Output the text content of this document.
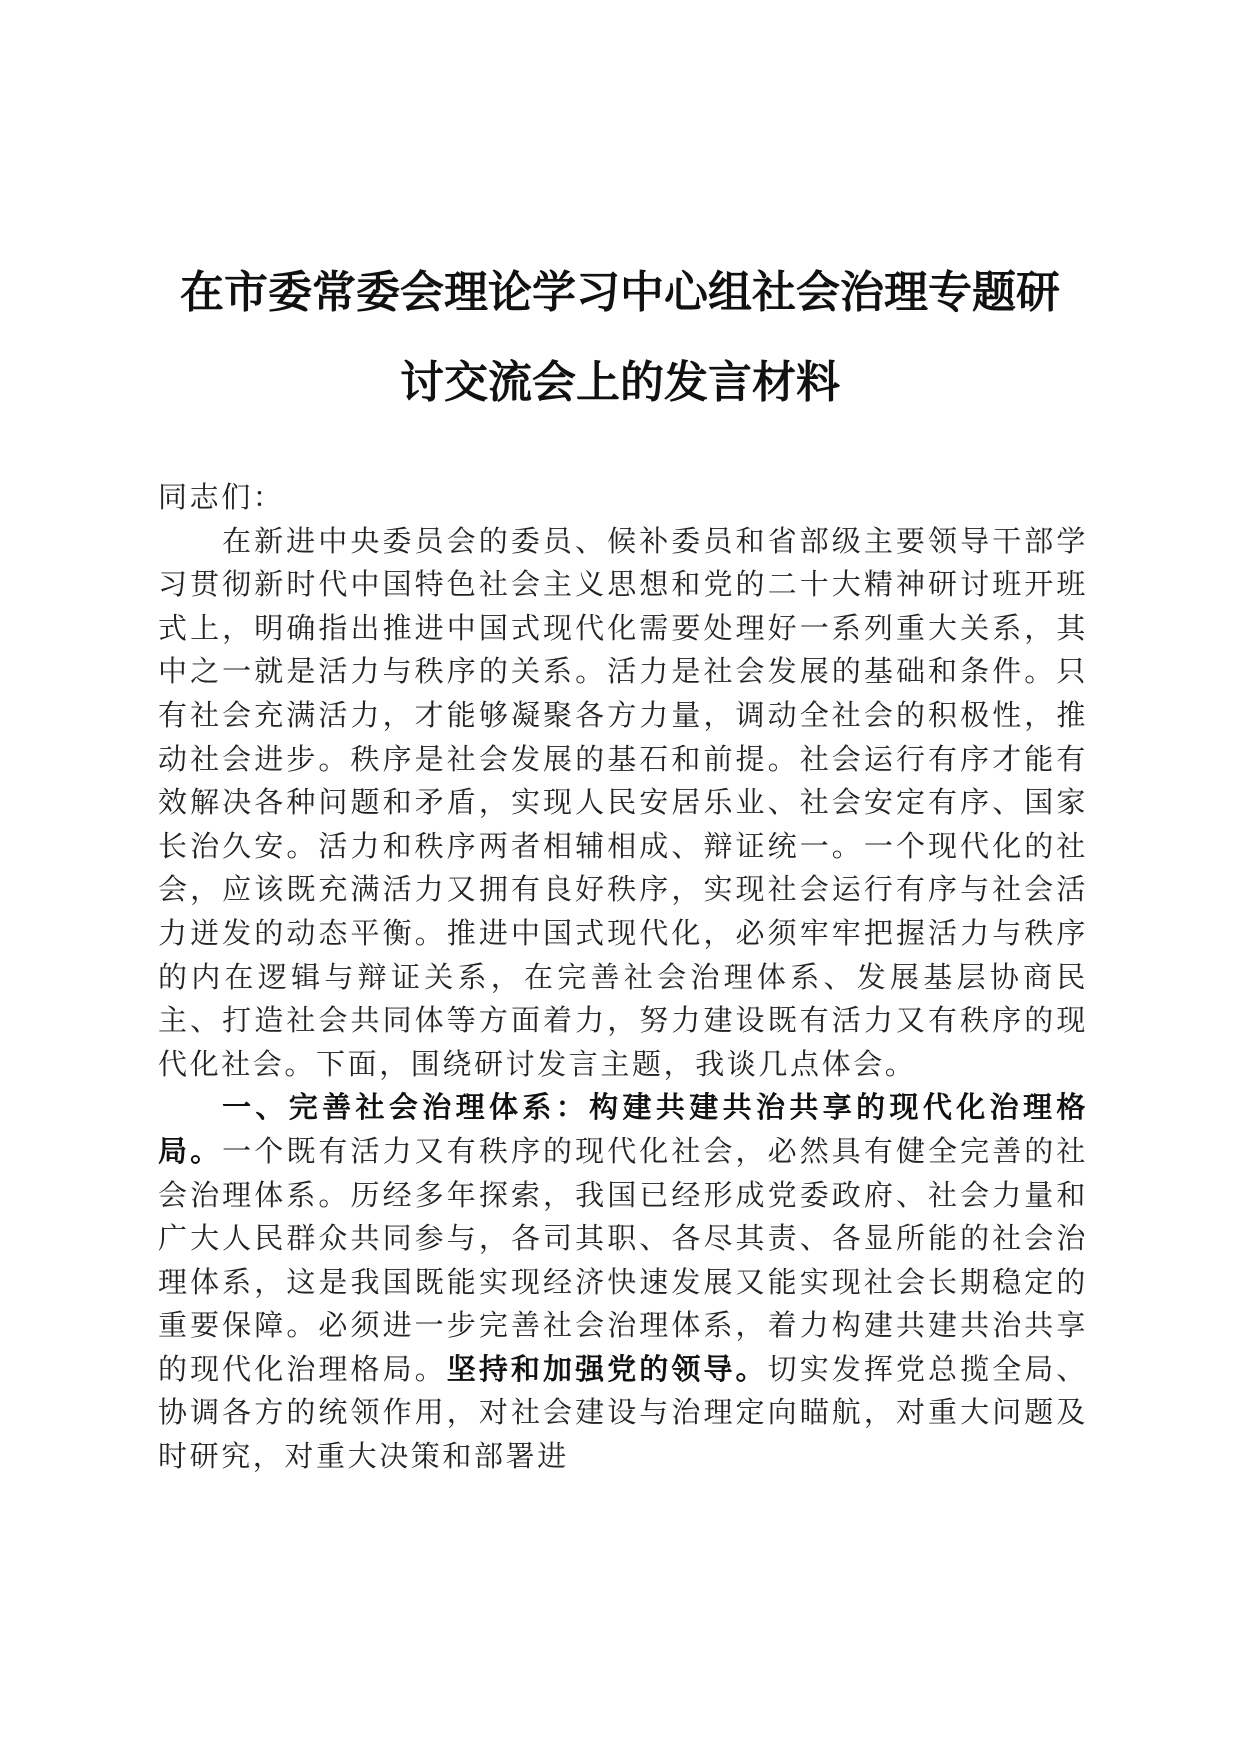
在市委常委会理论学习中心组社会治理专题研
讨交流会上的发言材料

同志们：

在新进中央委员会的委员、候补委员和省部级主要领导干部学习贯彻新时代中国特色社会主义思想和党的二十大精神研讨班开班式上，明确指出推进中国式现代化需要处理好一系列重大关系，其中之一就是活力与秩序的关系。活力是社会发展的基础和条件。只有社会充满活力，才能够凝聚各方力量，调动全社会的积极性，推动社会进步。秩序是社会发展的基石和前提。社会运行有序才能有效解决各种问题和矛盾，实现人民安居乐业、社会安定有序、国家长治久安。活力和秩序两者相辅相成、辩证统一。一个现代化的社会，应该既充满活力又拥有良好秩序，实现社会运行有序与社会活力迸发的动态平衡。推进中国式现代化，必须牢牢把握活力与秩序的内在逻辑与辩证关系，在完善社会治理体系、发展基层协商民主、打造社会共同体等方面着力，努力建设既有活力又有秩序的现代化社会。下面，围绕研讨发言主题，我谈几点体会。

一、完善社会治理体系：构建共建共治共享的现代化治理格局。一个既有活力又有秩序的现代化社会，必然具有健全完善的社会治理体系。历经多年探索，我国已经形成党委政府、社会力量和广大人民群众共同参与，各司其职、各尽其责、各显所能的社会治理体系，这是我国既能实现经济快速发展又能实现社会长期稳定的重要保障。必须进一步完善社会治理体系，着力构建共建共治共享的现代化治理格局。坚持和加强党的领导。切实发挥党总揽全局、协调各方的统领作用，对社会建设与治理定向瞄航，对重大问题及时研究，对重大决策和部署进
